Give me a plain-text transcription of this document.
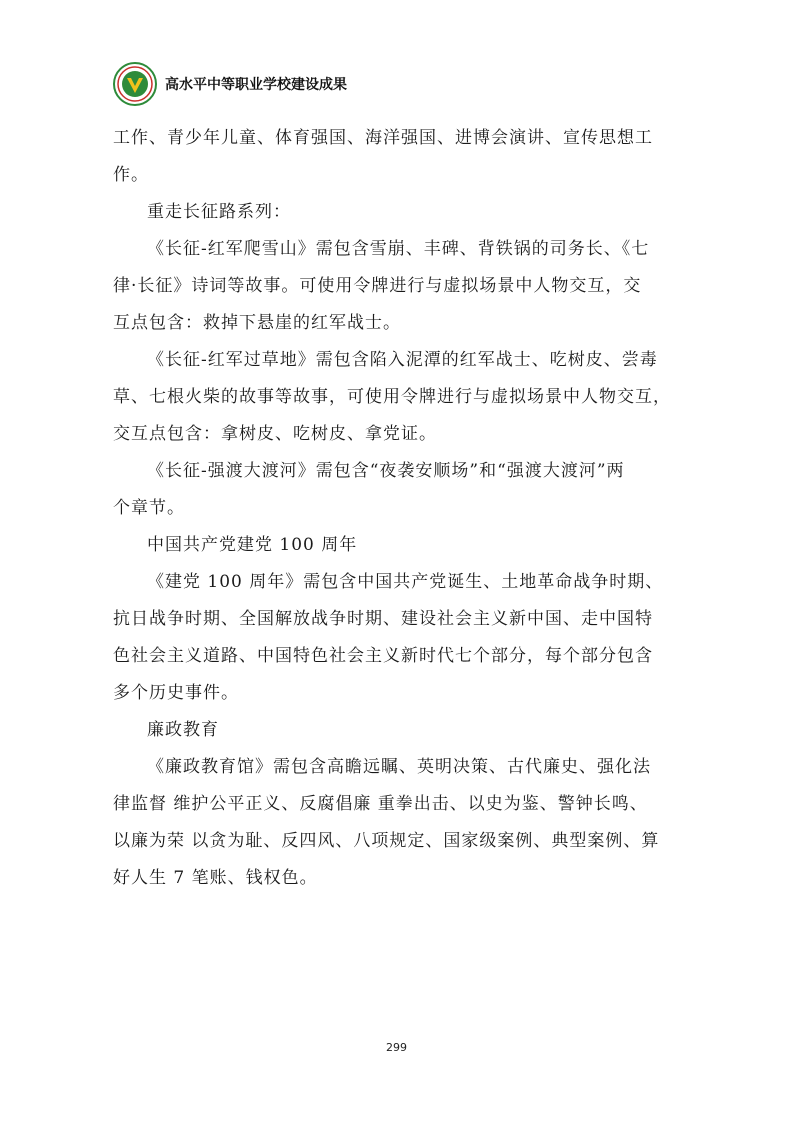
高水平中等职业学校建设成果
工作、青少年儿童、体育强国、海洋强国、进博会演讲、宣传思想工
作。
重走长征路系列：
《长征-红军爬雪山》需包含雪崩、丰碑、背铁锅的司务长、《七
律·长征》诗词等故事。可使用令牌进行与虚拟场景中人物交互，交
互点包含：救掉下悬崖的红军战士。
《长征-红军过草地》需包含陷入泥潭的红军战士、吃树皮、尝毒
草、七根火柴的故事等故事，可使用令牌进行与虚拟场景中人物交互，
交互点包含：拿树皮、吃树皮、拿党证。
《长征-强渡大渡河》需包含“夜袭安顺场”和“强渡大渡河”两
个章节。
中国共产党建党 100 周年
《建党 100 周年》需包含中国共产党诞生、土地革命战争时期、
抗日战争时期、全国解放战争时期、建设社会主义新中国、走中国特
色社会主义道路、中国特色社会主义新时代七个部分，每个部分包含
多个历史事件。
廉政教育
《廉政教育馆》需包含高瞻远瞩、英明决策、古代廉史、强化法
律监督 维护公平正义、反腐倡廉 重拳出击、以史为鉴、警钟长鸣、
以廉为荣 以贪为耻、反四风、八项规定、国家级案例、典型案例、算
好人生 7 笔账、钱权色。
299
